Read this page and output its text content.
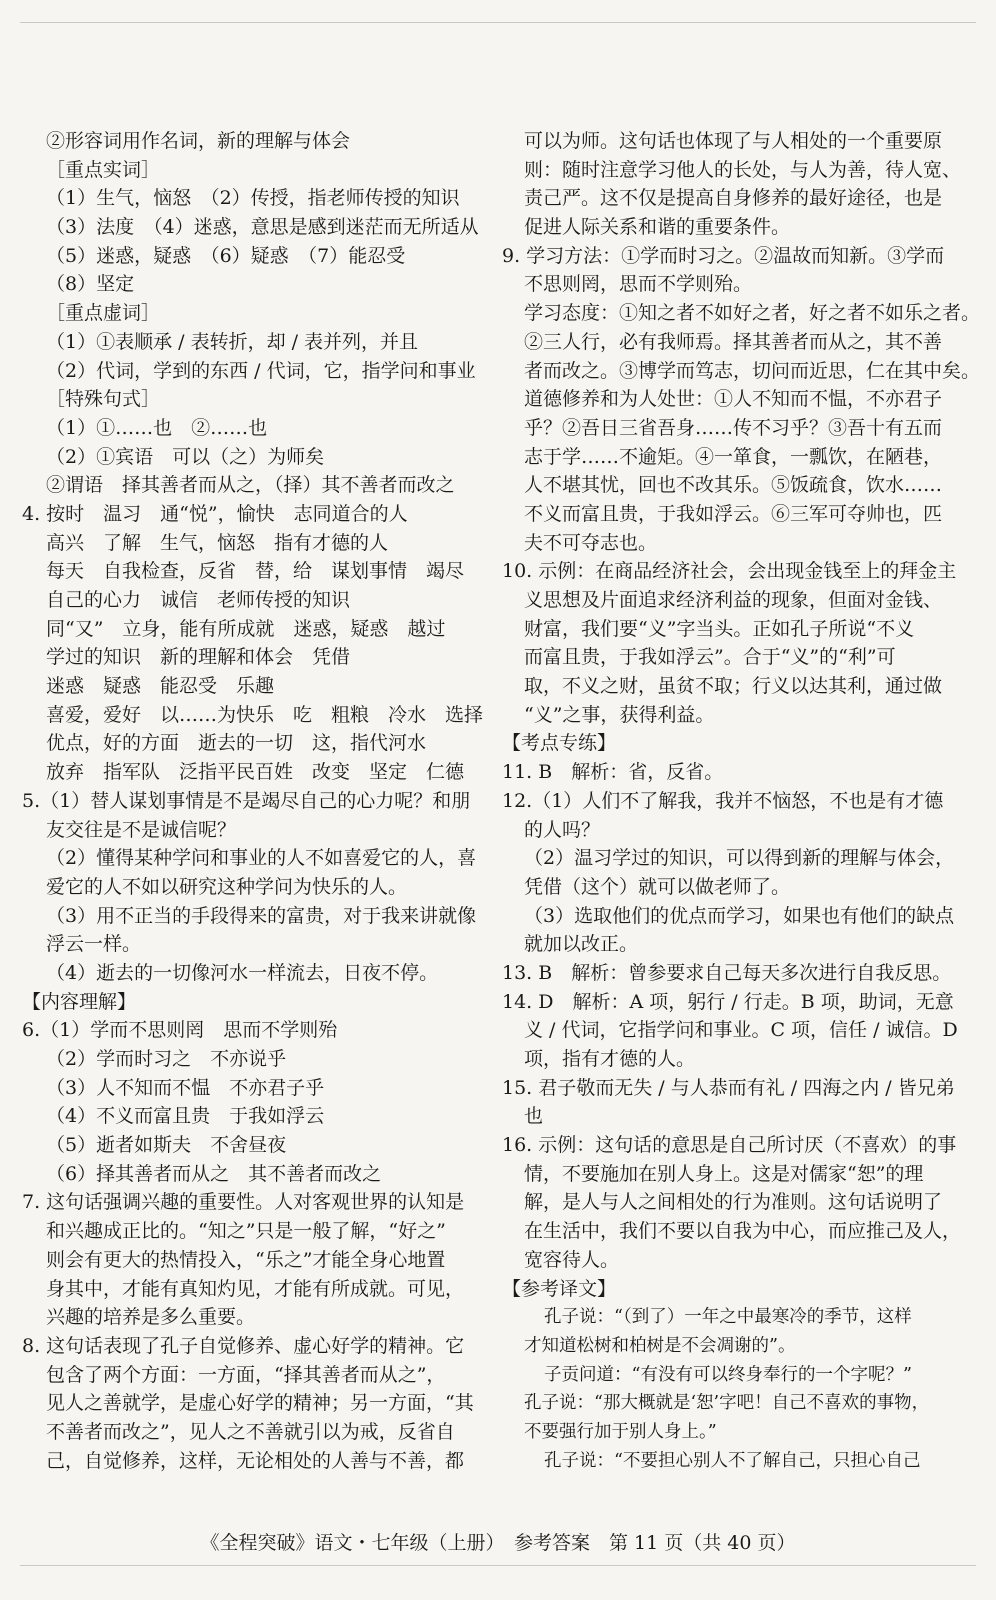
②形容词用作名词，新的理解与体会
［重点实词］
（1）生气，恼怒　（2）传授，指老师传授的知识
（3）法度　（4）迷惑，意思是感到迷茫而无所适从
（5）迷惑，疑惑　（6）疑惑　（7）能忍受
（8）坚定
［重点虚词］
（1）①表顺承 / 表转折，却 / 表并列，并且
（2）代词，学到的东西 / 代词，它，指学问和事业
［特殊句式］
（1）①……也　②……也
（2）①宾语　可以（之）为师矣
②谓语　择其善者而从之，（择）其不善者而改之
4. 按时　温习　通“悦”，愉快　志同道合的人
高兴　了解　生气，恼怒　指有才德的人
每天　自我检查，反省　替，给　谋划事情　竭尽
自己的心力　诚信　老师传授的知识
同“又”　立身，能有所成就　迷惑，疑惑　越过
学过的知识　新的理解和体会　凭借
迷惑　疑惑　能忍受　乐趣
喜爱，爱好　以……为快乐　吃　粗粮　冷水　选择
优点，好的方面　逝去的一切　这，指代河水
放弃　指军队　泛指平民百姓　改变　坚定　仁德
5.（1）替人谋划事情是不是竭尽自己的心力呢？和朋
友交往是不是诚信呢？
（2）懂得某种学问和事业的人不如喜爱它的人，喜
爱它的人不如以研究这种学问为快乐的人。
（3）用不正当的手段得来的富贵，对于我来讲就像
浮云一样。
（4）逝去的一切像河水一样流去，日夜不停。
【内容理解】
6.（1）学而不思则罔　思而不学则殆
（2）学而时习之　不亦说乎
（3）人不知而不愠　不亦君子乎
（4）不义而富且贵　于我如浮云
（5）逝者如斯夫　不舍昼夜
（6）择其善者而从之　其不善者而改之
7. 这句话强调兴趣的重要性。人对客观世界的认知是
和兴趣成正比的。“知之”只是一般了解，“好之”
则会有更大的热情投入，“乐之”才能全身心地置
身其中，才能有真知灼见，才能有所成就。可见，
兴趣的培养是多么重要。
8. 这句话表现了孔子自觉修养、虚心好学的精神。它
包含了两个方面：一方面，“择其善者而从之”，
见人之善就学，是虚心好学的精神；另一方面，“其
不善者而改之”，见人之不善就引以为戒，反省自
己，自觉修养，这样，无论相处的人善与不善，都
可以为师。这句话也体现了与人相处的一个重要原
则：随时注意学习他人的长处，与人为善，待人宽、
责己严。这不仅是提高自身修养的最好途径，也是
促进人际关系和谐的重要条件。
9. 学习方法：①学而时习之。②温故而知新。③学而
不思则罔，思而不学则殆。
学习态度：①知之者不如好之者，好之者不如乐之者。
②三人行，必有我师焉。择其善者而从之，其不善
者而改之。③博学而笃志，切问而近思，仁在其中矣。
道德修养和为人处世：①人不知而不愠，不亦君子
乎？②吾日三省吾身……传不习乎？③吾十有五而
志于学……不逾矩。④一箪食，一瓢饮，在陋巷，
人不堪其忧，回也不改其乐。⑤饭疏食，饮水……
不义而富且贵，于我如浮云。⑥三军可夺帅也，匹
夫不可夺志也。
10. 示例：在商品经济社会，会出现金钱至上的拜金主
义思想及片面追求经济利益的现象，但面对金钱、
财富，我们要“义”字当头。正如孔子所说“不义
而富且贵，于我如浮云”。合于“义”的“利”可
取，不义之财，虽贫不取；行义以达其利，通过做
“义”之事，获得利益。
【考点专练】
11. B　解析：省，反省。
12.（1）人们不了解我，我并不恼怒，不也是有才德
的人吗？
（2）温习学过的知识，可以得到新的理解与体会，
凭借（这个）就可以做老师了。
（3）选取他们的优点而学习，如果也有他们的缺点
就加以改正。
13. B　解析：曾参要求自己每天多次进行自我反思。
14. D　解析：A 项，躬行 / 行走。B 项，助词，无意
义 / 代词，它指学问和事业。C 项，信任 / 诚信。D
项，指有才德的人。
15. 君子敬而无失 / 与人恭而有礼 / 四海之内 / 皆兄弟
也
16. 示例：这句话的意思是自己所讨厌（不喜欢）的事
情，不要施加在别人身上。这是对儒家“恕”的理
解，是人与人之间相处的行为准则。这句话说明了
在生活中，我们不要以自我为中心，而应推己及人，
宽容待人。
【参考译文】
孔子说：“（到了）一年之中最寒冷的季节，这样
才知道松树和柏树是不会凋谢的”。
子贡问道：“有没有可以终身奉行的一个字呢？”
孔子说：“那大概就是‘恕’字吧！自己不喜欢的事物，
不要强行加于别人身上。”
孔子说：“不要担心别人不了解自己，只担心自己
《全程突破》语文・七年级（上册）　参考答案　第 11 页（共 40 页）
